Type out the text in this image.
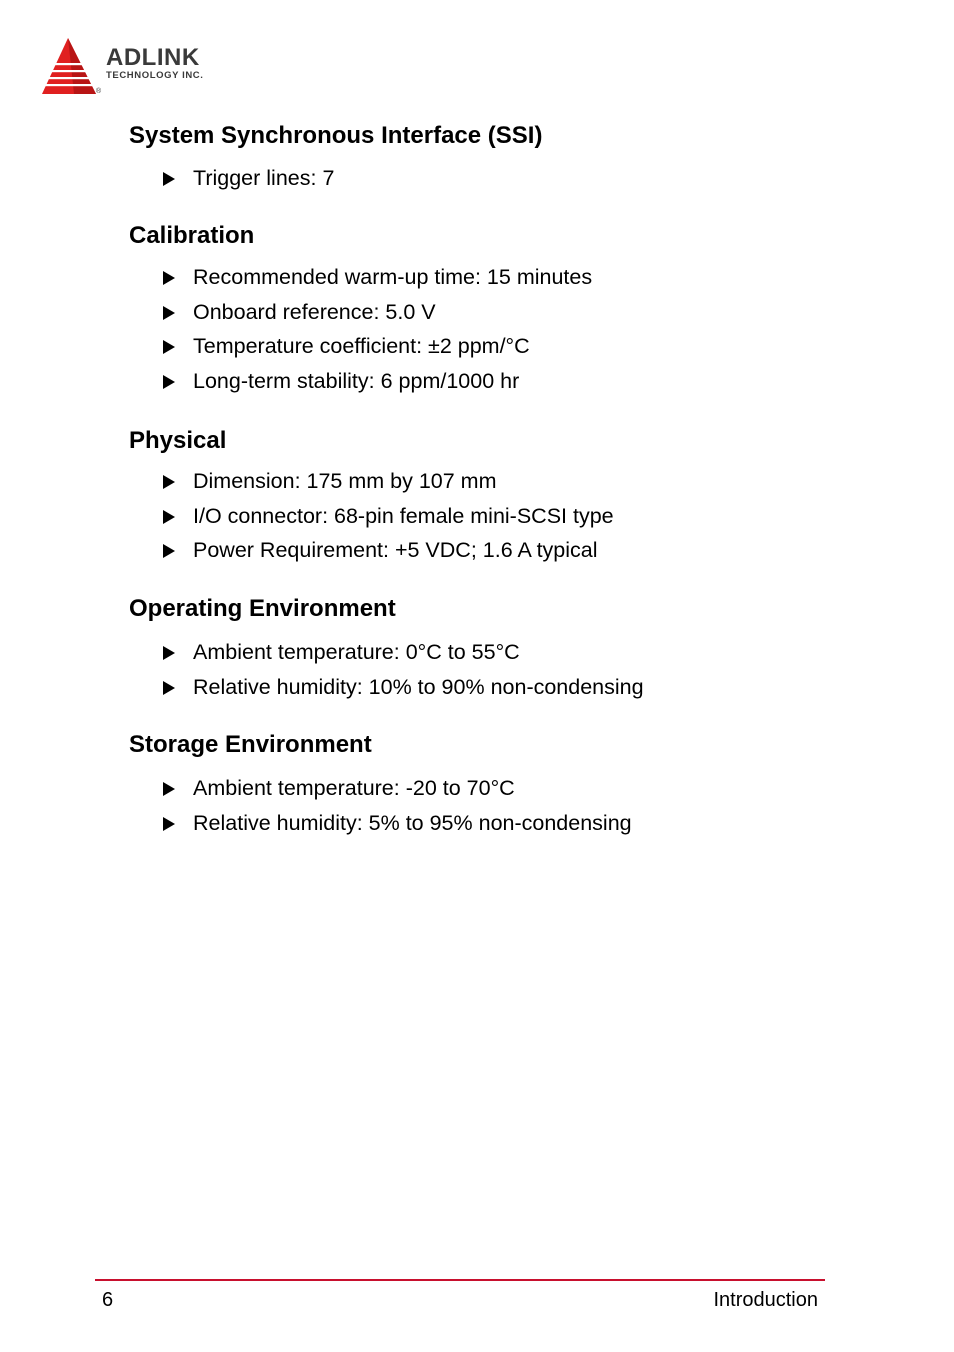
ADLINK
TECHNOLOGY INC.
®
System Synchronous Interface (SSI)
Trigger lines: 7
Calibration
Recommended warm-up time: 15 minutes
Onboard reference: 5.0 V
Temperature coefficient: ±2 ppm/°C
Long-term stability: 6 ppm/1000 hr
Physical
Dimension: 175 mm by 107 mm
I/O connector: 68-pin female mini-SCSI type
Power Requirement: +5 VDC; 1.6 A typical
Operating Environment
Ambient temperature: 0°C to 55°C
Relative humidity: 10% to 90% non-condensing
Storage Environment
Ambient temperature: -20 to 70°C
Relative humidity: 5% to 95% non-condensing
6	Introduction
